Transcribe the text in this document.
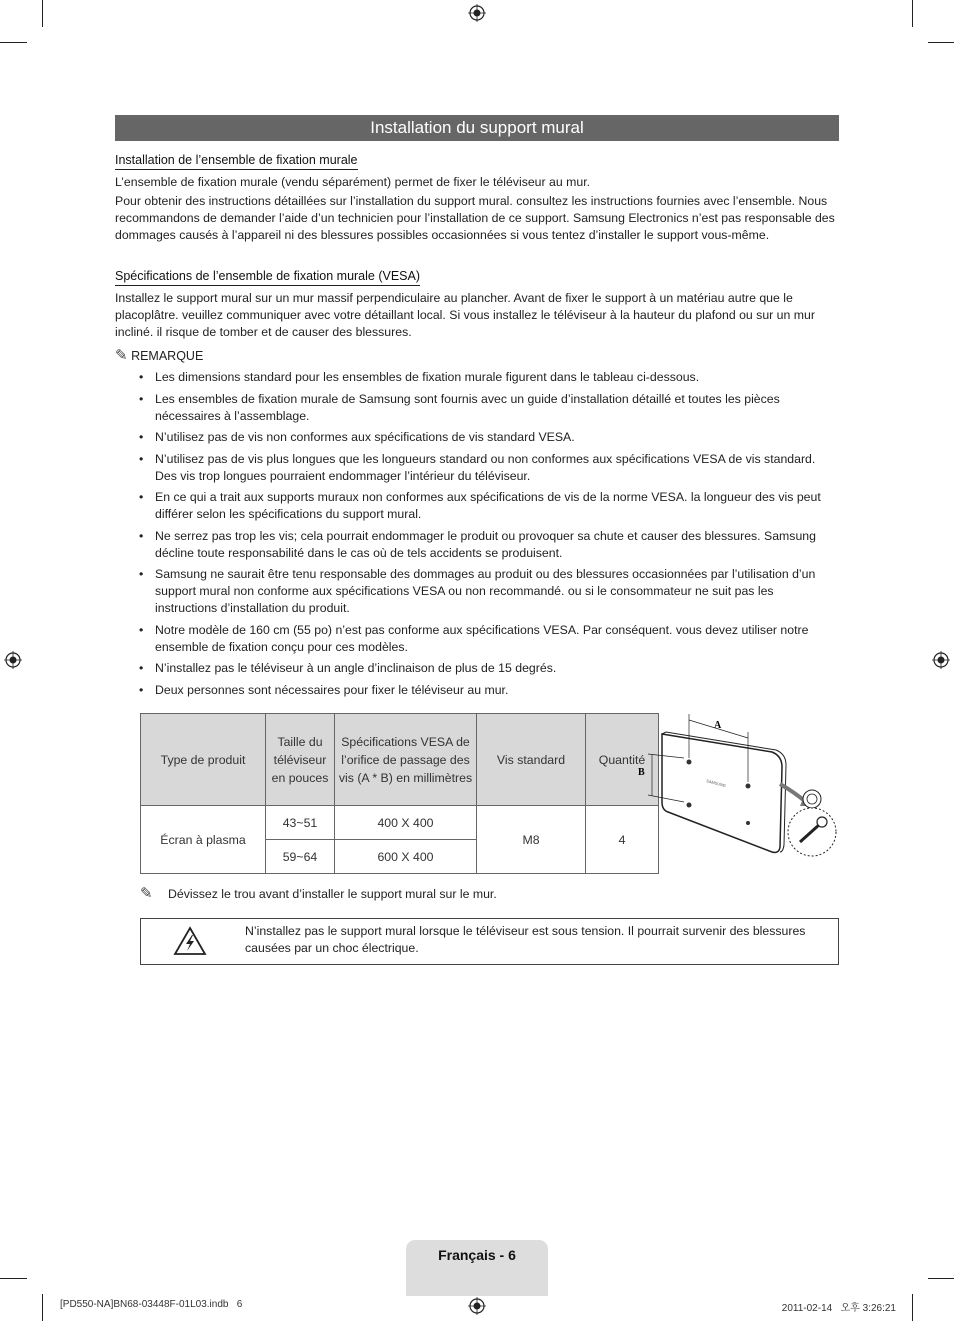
Installation du support mural
Installation de l’ensemble de fixation murale

L’ensemble de fixation murale (vendu séparément) permet de fixer le téléviseur au mur.

Pour obtenir des instructions détaillées sur l’installation du support mural. consultez les instructions fournies avec l’ensemble. Nous recommandons de demander l’aide d’un technicien pour l’installation de ce support. Samsung Electronics n’est pas responsable des dommages causés à l’appareil ni des blessures possibles occasionnées si vous tentez d’installer le support vous-même.

Spécifications de l’ensemble de fixation murale (VESA)

Installez le support mural sur un mur massif perpendiculaire au plancher. Avant de fixer le support à un matériau autre que le placoplâtre. veuillez communiquer avec votre détaillant local. Si vous installez le téléviseur à la hauteur du plafond ou sur un mur incliné. il risque de tomber et de causer des blessures.

✎ REMARQUE
• Les dimensions standard pour les ensembles de fixation murale figurent dans le tableau ci-dessous.
• Les ensembles de fixation murale de Samsung sont fournis avec un guide d’installation détaillé et toutes les pièces nécessaires à l’assemblage.
• N’utilisez pas de vis non conformes aux spécifications de vis standard VESA.
• N’utilisez pas de vis plus longues que les longueurs standard ou non conformes aux spécifications VESA de vis standard. Des vis trop longues pourraient endommager l’intérieur du téléviseur.
• En ce qui a trait aux supports muraux non conformes aux spécifications de vis de la norme VESA. la longueur des vis peut différer selon les spécifications du support mural.
• Ne serrez pas trop les vis; cela pourrait endommager le produit ou provoquer sa chute et causer des blessures. Samsung décline toute responsabilité dans le cas où de tels accidents se produisent.
• Samsung ne saurait être tenu responsable des dommages au produit ou des blessures occasionnées par l’utilisation d’un support mural non conforme aux spécifications VESA ou non recommandé. ou si le consommateur ne suit pas les instructions d’installation du produit.
• Notre modèle de 160 cm (55 po) n’est pas conforme aux spécifications VESA. Par conséquent. vous devez utiliser notre ensemble de fixation conçu pour ces modèles.
• N’installez pas le téléviseur à un angle d’inclinaison de plus de 15 degrés.
• Deux personnes sont nécessaires pour fixer le téléviseur au mur.
Type de produit	Taille du téléviseur en pouces	Spécifications VESA de l’orifice de passage des vis (A * B) en millimètres	Vis standard	Quantité
Écran à plasma	43~51	400 X 400	M8	4
	59~64	600 X 400		
SAMSUNG
A
B
✎ Dévissez le trou avant d’installer le support mural sur le mur.
N’installez pas le support mural lorsque le téléviseur est sous tension. Il pourrait survenir des blessures causées par un choc électrique.
Français - 6
[PD550-NA]BN68-03448F-01L03.indb   6	2011-02-14   오후 3:26:21
